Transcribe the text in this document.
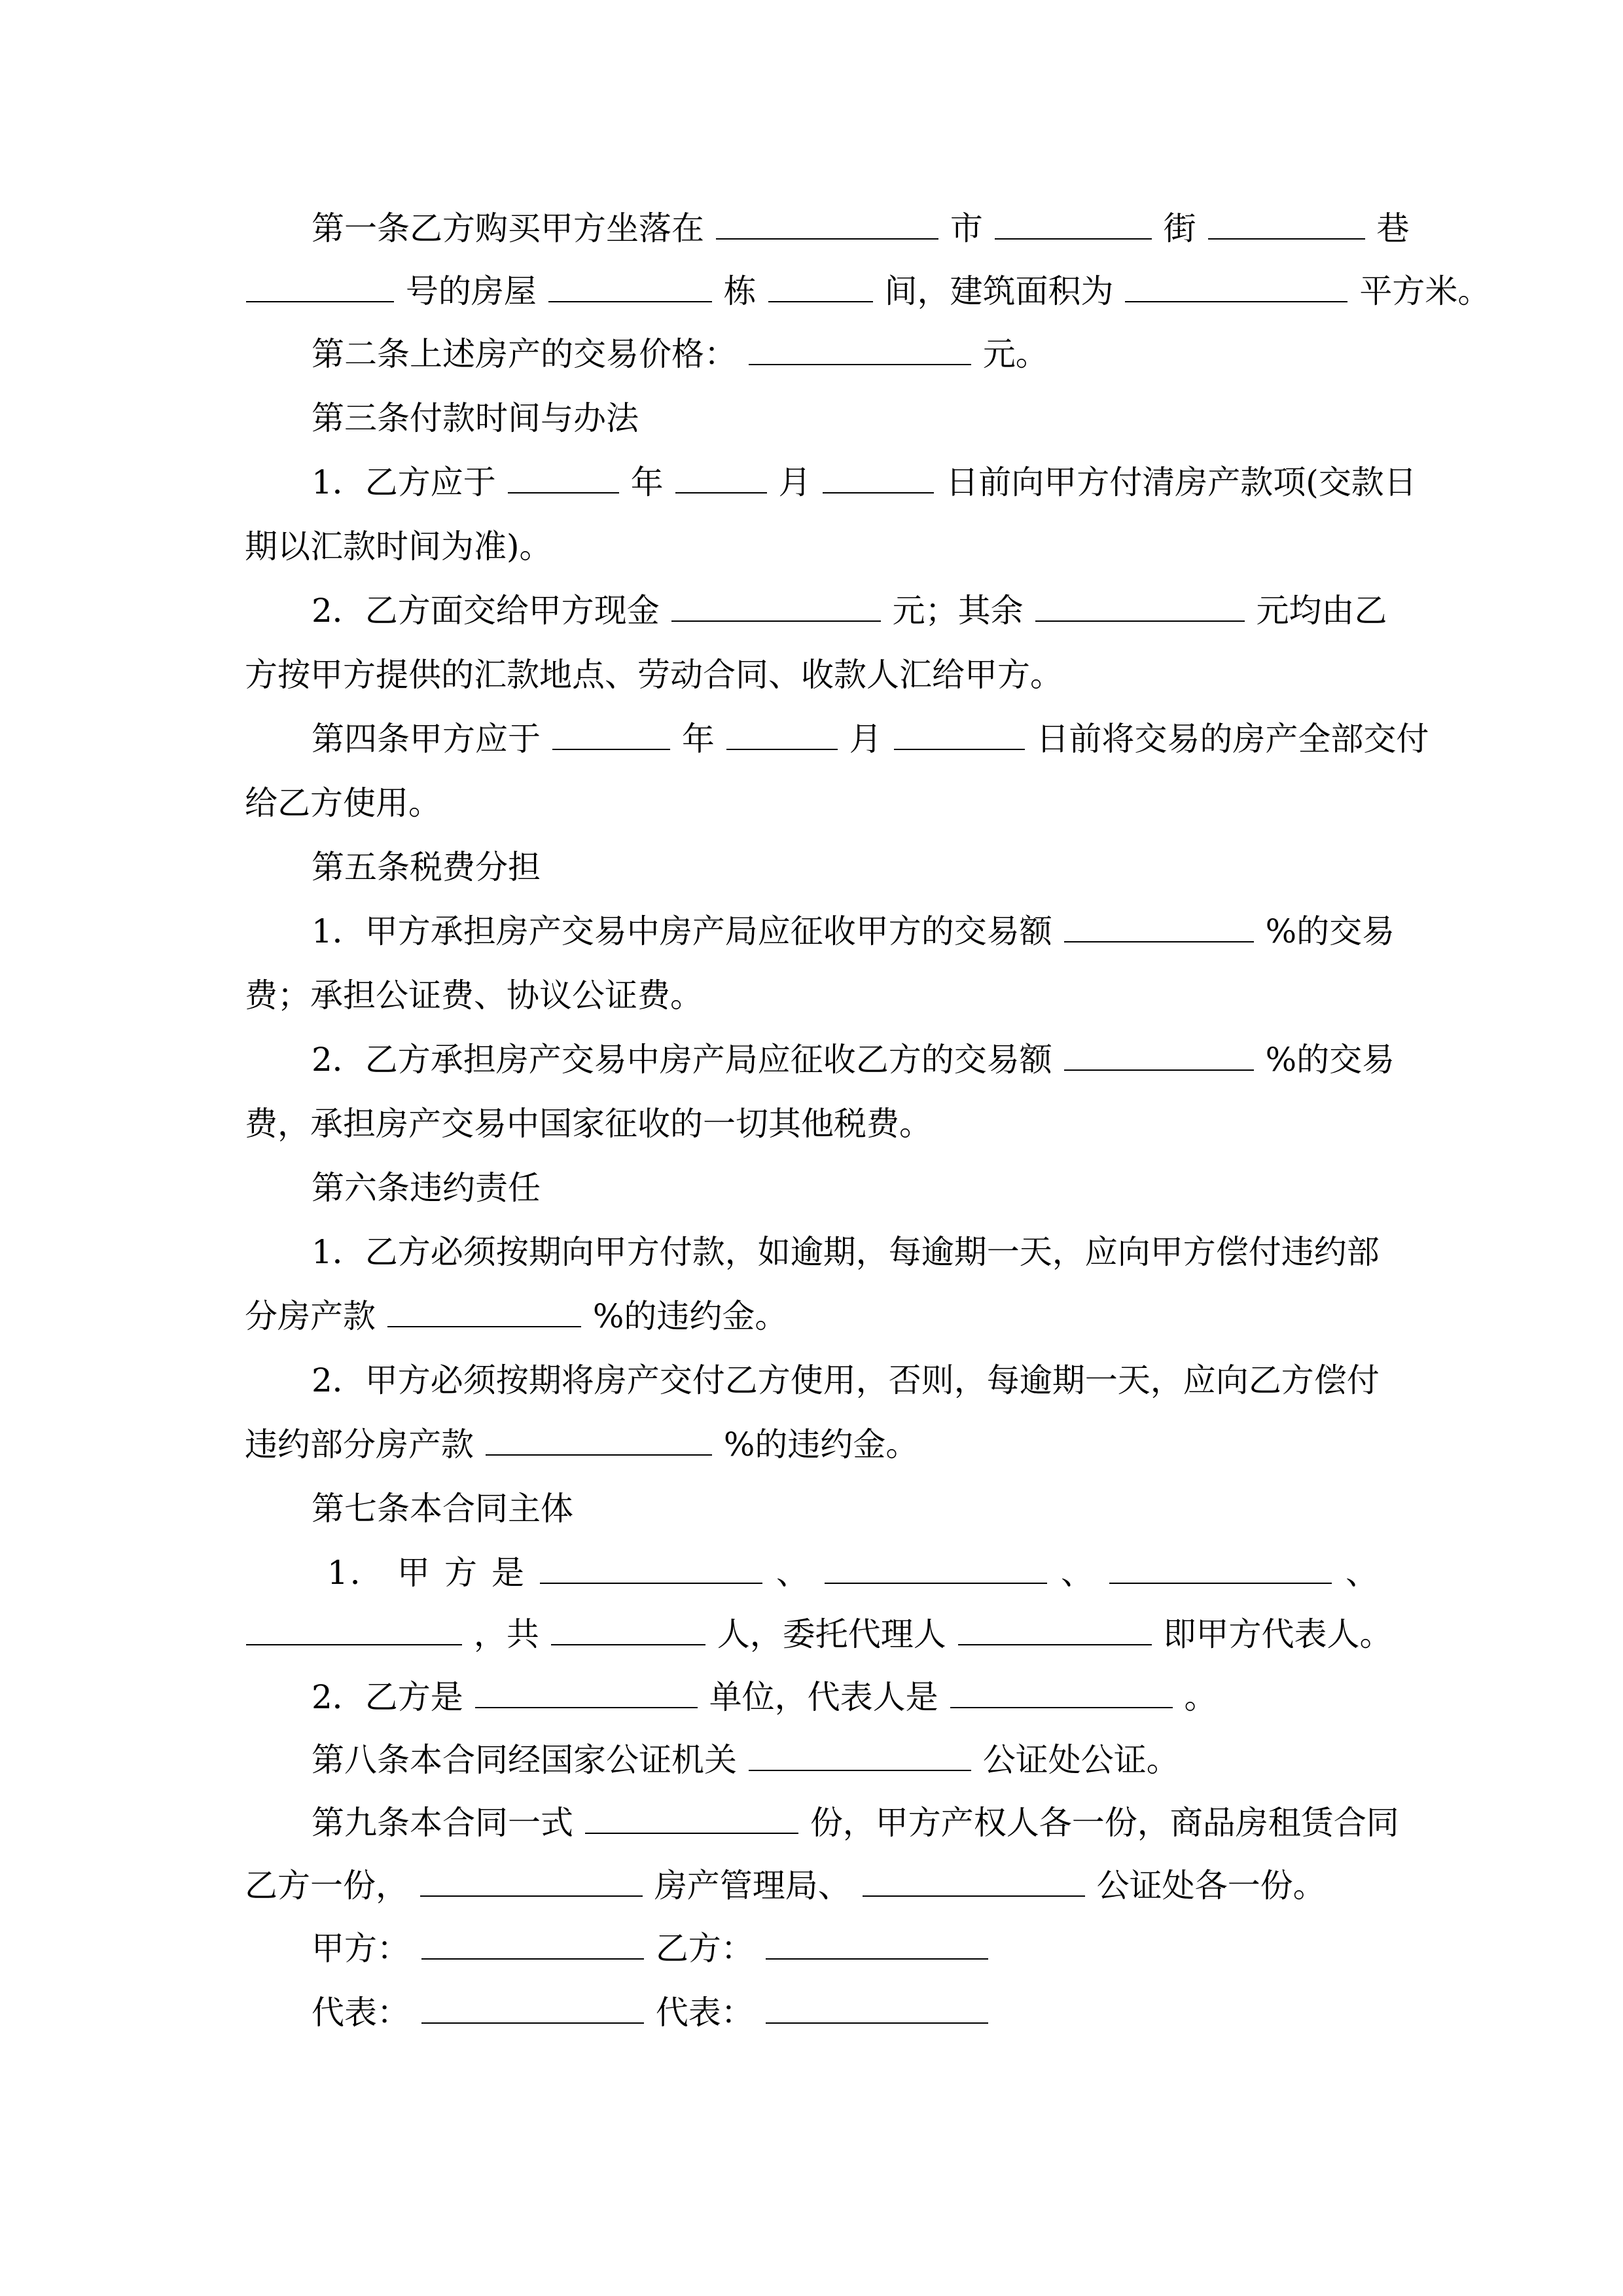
第一条乙方购买甲方坐落在	市	街	巷
号的房屋	栋	间，建筑面积为	平方米。
第二条上述房产的交易价格：	元。
第三条付款时间与办法
1．乙方应于	年	月	日前向甲方付清房产款项(交款日
期以汇款时间为准)。
2．乙方面交给甲方现金	元；其余	元均由乙
方按甲方提供的汇款地点、劳动合同、收款人汇给甲方。
第四条甲方应于	年	月	日前将交易的房产全部交付
给乙方使用。
第五条税费分担
1．甲方承担房产交易中房产局应征收甲方的交易额	%的交易
费；承担公证费、协议公证费。
2．乙方承担房产交易中房产局应征收乙方的交易额	%的交易
费，承担房产交易中国家征收的一切其他税费。
第六条违约责任
1．乙方必须按期向甲方付款，如逾期，每逾期一天，应向甲方偿付违约部
分房产款	%的违约金。
2．甲方必须按期将房产交付乙方使用，否则，每逾期一天，应向乙方偿付
违约部分房产款	%的违约金。
第七条本合同主体
1． 甲 方 是	、	、	、
，共	人，委托代理人	即甲方代表人。
2．乙方是	单位，代表人是	。
第八条本合同经国家公证机关	公证处公证。
第九条本合同一式	份，甲方产权人各一份，商品房租赁合同
乙方一份，	房产管理局、	公证处各一份。
甲方：	乙方：
代表：	代表：
